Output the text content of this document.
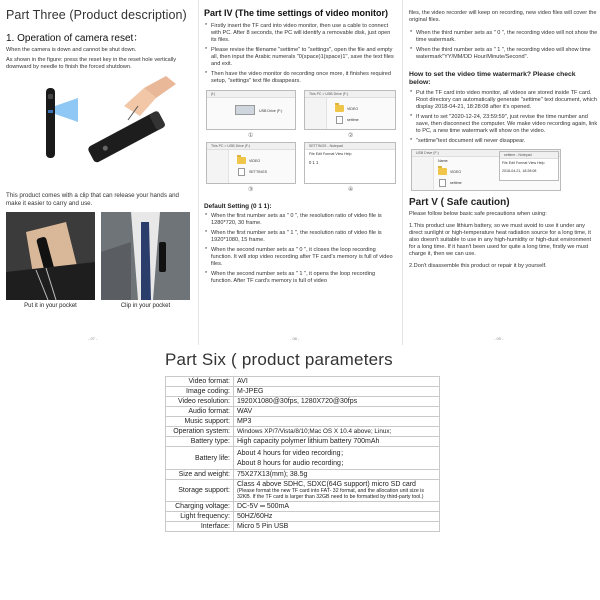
Part Three (Product description)
1. Operation of camera reset：
When the camera is down and cannot be shut down.
As shown in the figure: press the reset key in the reset hole vertically downward by needle to finish the forced shutdown.
This product comes with a clip that can release your hands and make it easier to carry and use.
Put it in your pocket	Clip in your pocket
- 07 -
Part IV (The time settings of video monitor)
* Firstly insert the TF card into video monitor, then use a cable to connect with PC. After 8 seconds, the PC will identify a removable disk, just open its files.
* Please revise the filename "settime" to "settings", open the file and empty all, then input the Arabic numerals "0(space)1(space)1", save the text files and exit.
* Then have the video monitor do recording once more, it finishes required setup, "settings" text file disappears.
(f:)
USB Drive (F:)
①
This PC > USB Drive (F:)
VIDEO
settime
②
This PC > USB Drive (F:)
VIDEO
SETTINGS
③
SETTINGS - Notepad
File Edit Format View Help
0 1 1
④
Default Setting (0 1 1):
* When the first number sets as " 0 ", the resolution ratio of video file is 1280*720, 30 frame.
* When the first number sets as " 1 ", the resolution ratio of video file is 1920*1080, 15 frame.
* When the second number sets as " 0 ", it closes the loop recording function. It will stop video recording after TF card's memory is full of video files.
* When the second number sets as " 1 ", it opens the loop recording function. After TF card's memory is full of video
- 08 -
files, the video recorder will keep on recording, new video files will cover the original files.
* When the third number sets as " 0 ", the recording video will not show the time watermark.
* When the third number sets as " 1 ", the recording video will show time watermark"YY/MM/DD Hour/Minute/Second".
How to set the video time watermark? Please check below:
* Put the TF card into video monitor, all videos are stored inside TF card. Root directory can automatically generate "settime" text document, which display 2018-04-21, 18:28:08 after it's opened.
* If want to set "2020-12-24, 23:59:59", just revise the time number and save, then disconnect the computer. We make video recording again, link to PC, a new time watermark will show on the video.
* "settime"text document will never disappear.
USB Drive (F:)
Name
VIDEO
settime
settime - Notepad
File Edit Format View Help
2018-04-21, 18:28:08
Part V ( Safe caution)
Please follow below basic safe precautions when using:
1.This product use lithium battery, so we must avoid to use it under any direct sunlight or high-temperature heat radiation source for a long time, it also doesn't suitable to use in any high-humidity or high-dust environment for a long time. If it hasn't been used for quite a long time, firstly we must charge it, then we can use.
2.Don't disassemble this product or repair it by yourself.
- 09 -
Part Six ( product parameters
Video format:	AVI
Image coding:	M-JPEG
Video resolution:	1920X1080@30fps, 1280X720@30fps
Audio format:	WAV
Music support:	MP3
Operation system:	Windows XP/7/Vista/8/10;Mac OS X 10.4 above; Linux;
Battery type:	High capacity polymer lithium battery 700mAh
Battery life:	About 4 hours for video recording；
About 8 hours for audio recording；

Size and weight:	75X27X13(mm); 38.5g
Storage support:	Class 4 above SDHC, SDXC(64G support) micro SD card
(Please format the new TF card into FAT- 32 format, and the allocation unit size is 32KB. If the TF card is larger than 32GB need to be formatted by third-party tool.)

Charging voltage:	DC-5V ═ 500mA
Light frequency:	50HZ/60Hz
Interface:	Micro 5 Pin USB
